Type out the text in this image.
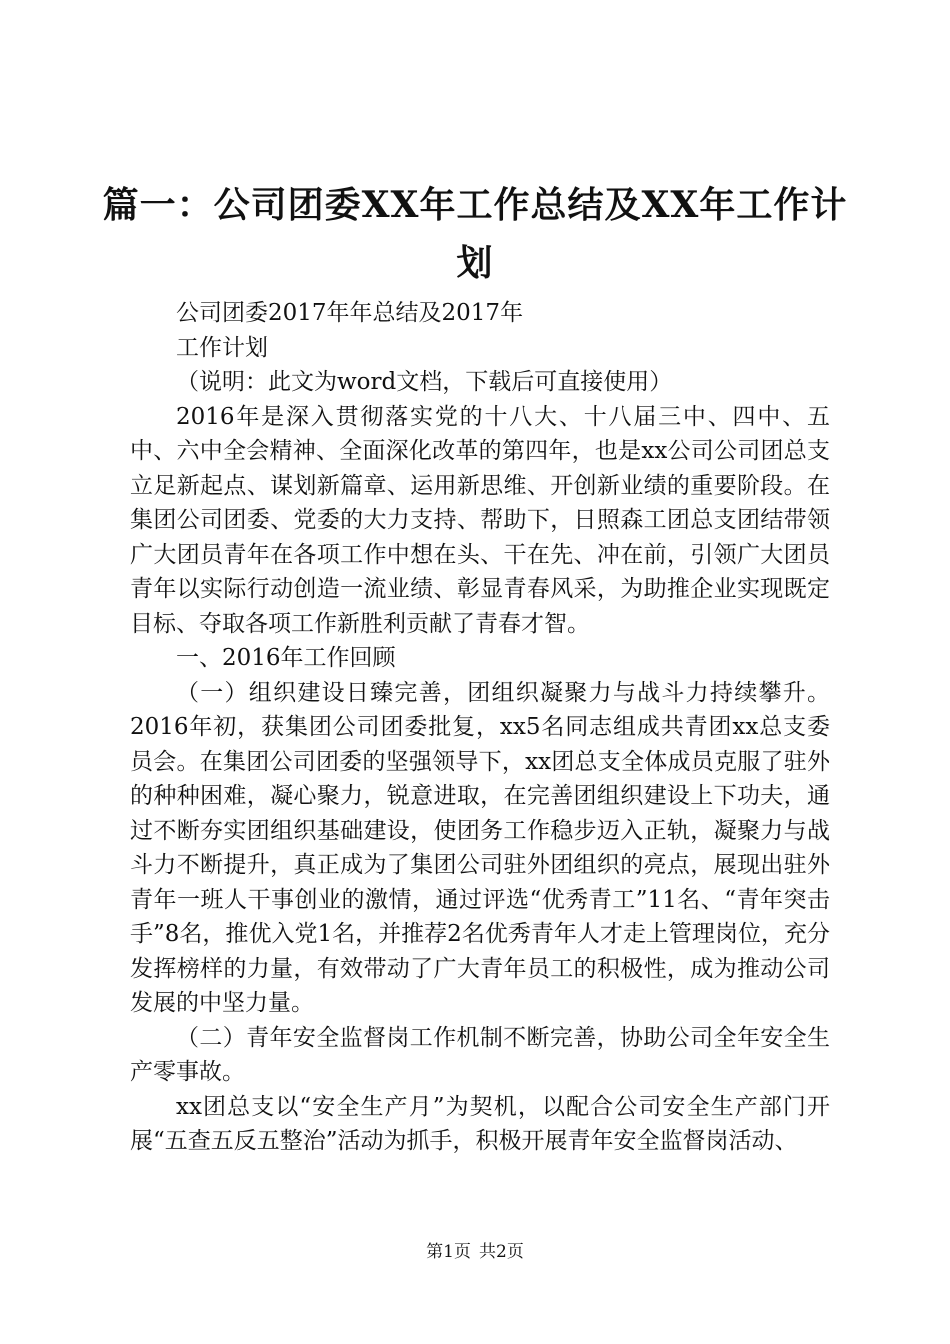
篇一：公司团委XX年工作总结及XX年工作计划

公司团委2017年年总结及2017年

工作计划

（说明：此文为word文档，下载后可直接使用）

2016年是深入贯彻落实党的十八大、十八届三中、四中、五中、六中全会精神、全面深化改革的第四年，也是xx公司公司团总支立足新起点、谋划新篇章、运用新思维、开创新业绩的重要阶段。在集团公司团委、党委的大力支持、帮助下，日照森工团总支团结带领广大团员青年在各项工作中想在头、干在先、冲在前，引领广大团员青年以实际行动创造一流业绩、彰显青春风采，为助推企业实现既定目标、夺取各项工作新胜利贡献了青春才智。

一、2016年工作回顾

（一）组织建设日臻完善，团组织凝聚力与战斗力持续攀升。2016年初，获集团公司团委批复，xx5名同志组成共青团xx总支委员会。在集团公司团委的坚强领导下，xx团总支全体成员克服了驻外的种种困难，凝心聚力，锐意进取，在完善团组织建设上下功夫，通过不断夯实团组织基础建设，使团务工作稳步迈入正轨，凝聚力与战斗力不断提升，真正成为了集团公司驻外团组织的亮点，展现出驻外青年一班人干事创业的激情，通过评选“优秀青工”11名、“青年突击手”8名，推优入党1名，并推荐2名优秀青年人才走上管理岗位，充分发挥榜样的力量，有效带动了广大青年员工的积极性，成为推动公司发展的中坚力量。

（二）青年安全监督岗工作机制不断完善，协助公司全年安全生产零事故。

xx团总支以“安全生产月”为契机，以配合公司安全生产部门开展“五查五反五整治”活动为抓手，积极开展青年安全监督岗活动、

第1页 共2页
